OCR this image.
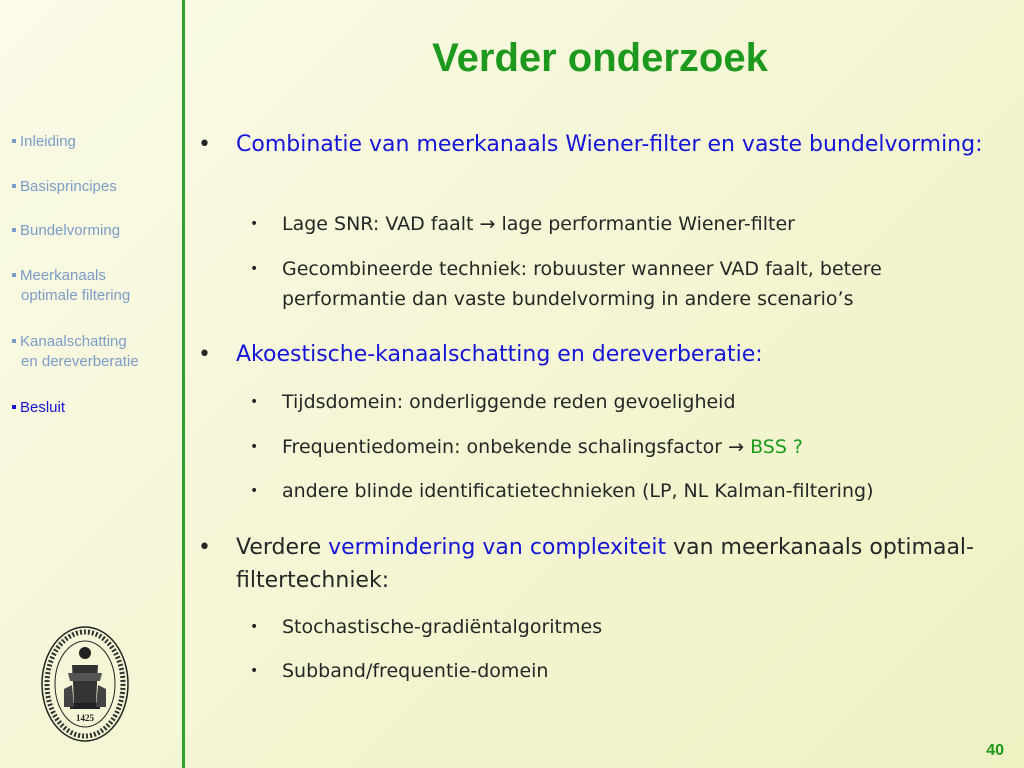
Verder onderzoek
Inleiding
Basisprincipes
Bundelvorming
Meerkanaals
optimale filtering
Kanaalschatting
en dereverberatie
Besluit
• Combinatie van meerkanaals Wiener-filter en vaste bundelvorming:
• Lage SNR: VAD faalt → lage performantie Wiener-filter
• Gecombineerde techniek: robuuster wanneer VAD faalt, betere performantie dan vaste bundelvorming in andere scenario’s
• Akoestische-kanaalschatting en dereverberatie:
• Tijdsdomein: onderliggende reden gevoeligheid
• Frequentiedomein: onbekende schalingsfactor → BSS ?
• andere blinde identificatietechnieken (LP, NL Kalman-filtering)
• Verdere vermindering van complexiteit van meerkanaals optimaal-filtertechniek:
• Stochastische-gradiëntalgoritmes
• Subband/frequentie-domein
1425
40
